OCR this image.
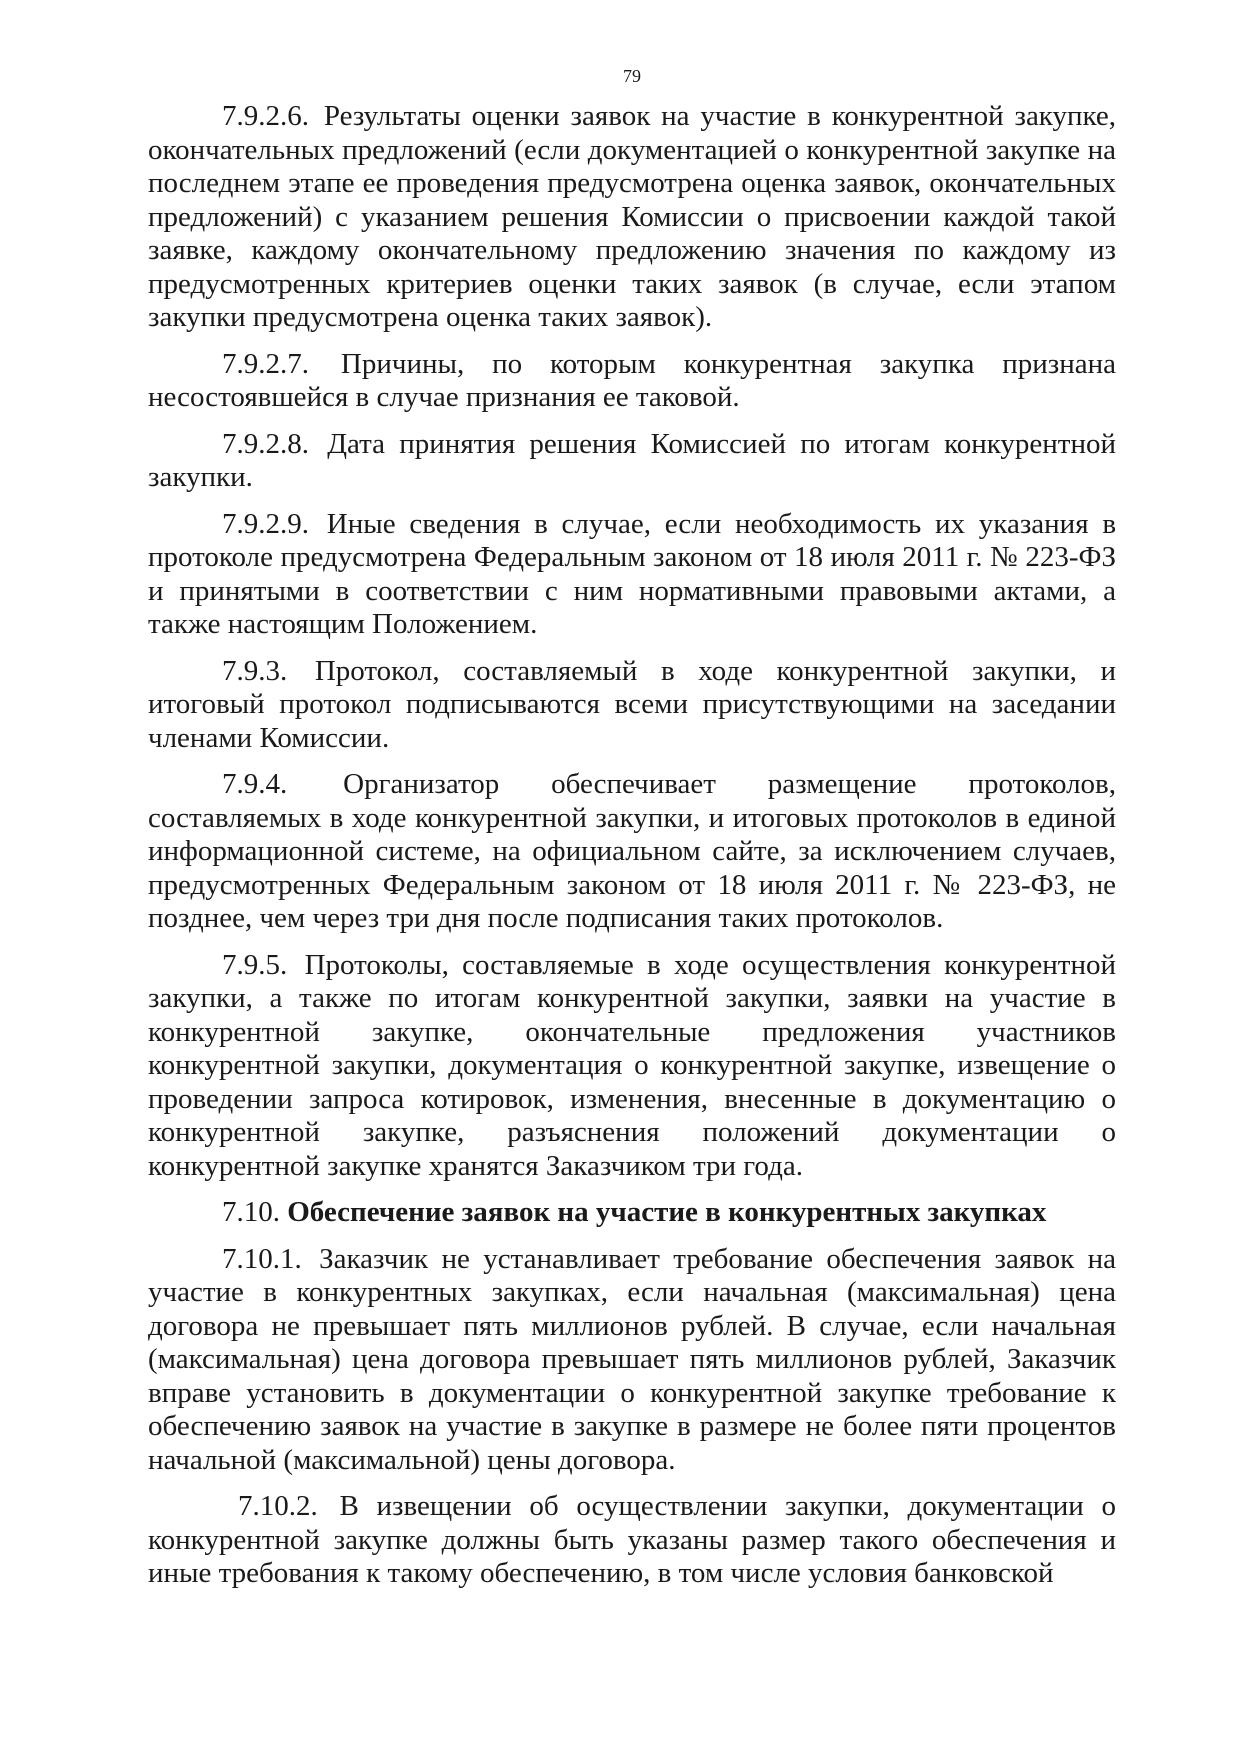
79

7.9.2.6. Результаты оценки заявок на участие в конкурентной закупке, окончательных предложений (если документацией о конкурентной закупке на последнем этапе ее проведения предусмотрена оценка заявок, окончательных предложений) с указанием решения Комиссии о присвоении каждой такой заявке, каждому окончательному предложению значения по каждому из предусмотренных критериев оценки таких заявок (в случае, если этапом закупки предусмотрена оценка таких заявок).

7.9.2.7. Причины, по которым конкурентная закупка признана несостоявшейся в случае признания ее таковой.

7.9.2.8. Дата принятия решения Комиссией по итогам конкурентной закупки.

7.9.2.9. Иные сведения в случае, если необходимость их указания в протоколе предусмотрена Федеральным законом от 18 июля 2011 г. № 223-ФЗ и принятыми в соответствии с ним нормативными правовыми актами, а также настоящим Положением.

7.9.3. Протокол, составляемый в ходе конкурентной закупки, и итоговый протокол подписываются всеми присутствующими на заседании членами Комиссии.

7.9.4. Организатор обеспечивает размещение протоколов, составляемых в ходе конкурентной закупки, и итоговых протоколов в единой информационной системе, на официальном сайте, за исключением случаев, предусмотренных Федеральным законом от 18 июля 2011 г. № 223-ФЗ, не позднее, чем через три дня после подписания таких протоколов.

7.9.5. Протоколы, составляемые в ходе осуществления конкурентной закупки, а также по итогам конкурентной закупки, заявки на участие в конкурентной закупке, окончательные предложения участников конкурентной закупки, документация о конкурентной закупке, извещение о проведении запроса котировок, изменения, внесенные в документацию о конкурентной закупке, разъяснения положений документации о конкурентной закупке хранятся Заказчиком три года.

7.10. Обеспечение заявок на участие в конкурентных закупках

7.10.1. Заказчик не устанавливает требование обеспечения заявок на участие в конкурентных закупках, если начальная (максимальная) цена договора не превышает пять миллионов рублей. В случае, если начальная (максимальная) цена договора превышает пять миллионов рублей, Заказчик вправе установить в документации о конкурентной закупке требование к обеспечению заявок на участие в закупке в размере не более пяти процентов начальной (максимальной) цены договора.

7.10.2. В извещении об осуществлении закупки, документации о конкурентной закупке должны быть указаны размер такого обеспечения и иные требования к такому обеспечению, в том числе условия банковской
